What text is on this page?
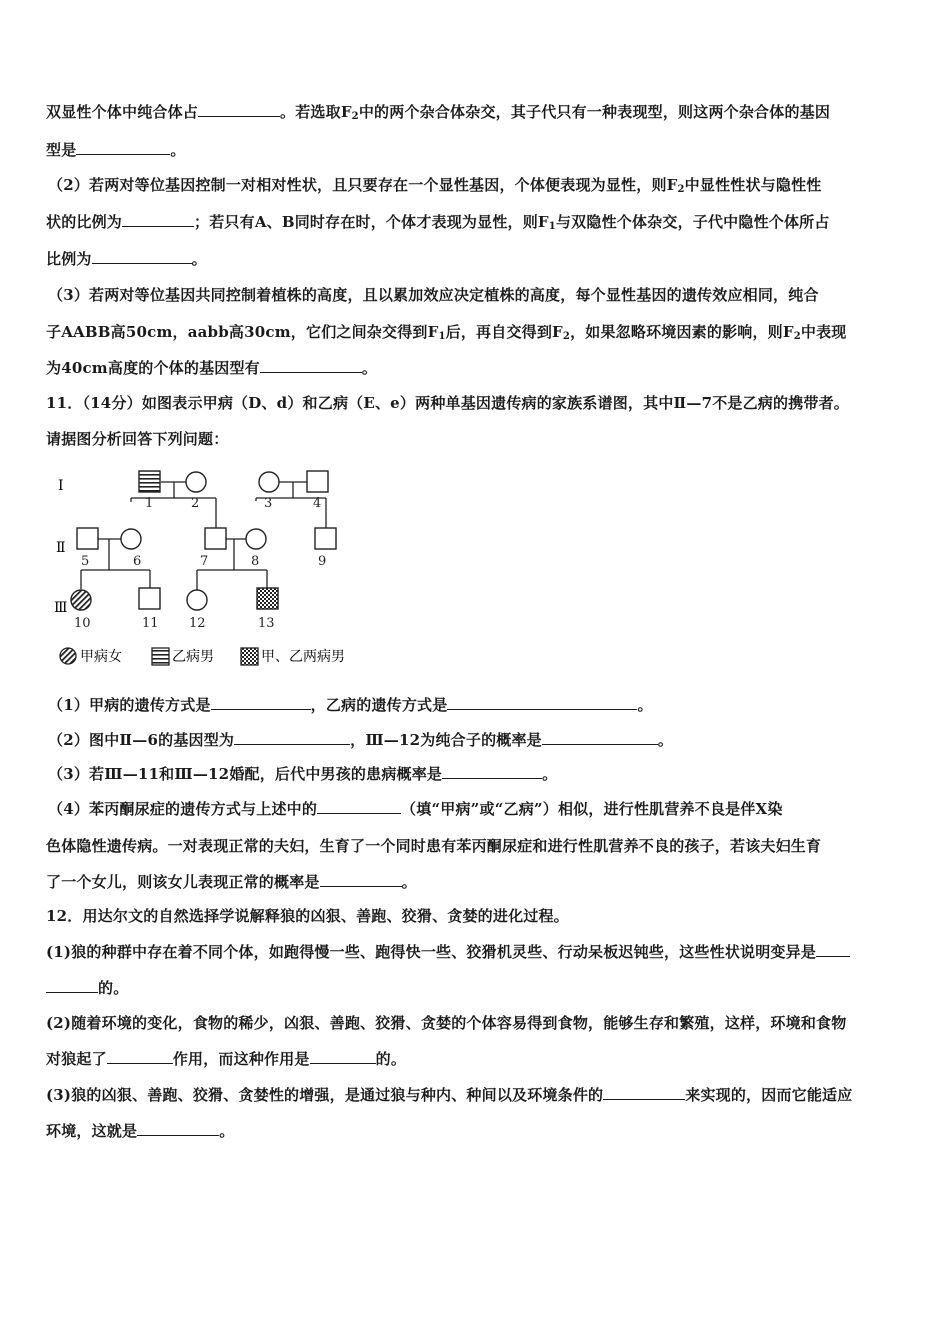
双显性个体中纯合体占	。若选取$F_2$中的两个杂合体杂交，其子代只有一种表现型，则这两个杂合体的基因
型是	。
（2）若两对等位基因控制一对相对性状，且只要存在一个显性基因，个体便表现为显性，则$F_2$中显性性状与隐性性
状的比例为	；若只有A、B同时存在时，个体才表现为显性，则$F_1$与双隐性个体杂交，子代中隐性个体所占
比例为	。
（3）若两对等位基因共同控制着植株的高度，且以累加效应决定植株的高度，每个显性基因的遗传效应相同，纯合
子AABB高50cm，aabb高30cm，它们之间杂交得到$F_1$后，再自交得到$F_2$，如果忽略环境因素的影响，则$F_2$中表现
为40cm高度的个体的基因型有	。
11．（14分）如图表示甲病（D、d）和乙病（E、e）两种单基因遗传病的家族系谱图，其中Ⅱ—7不是乙病的携带者。
请据图分析回答下列问题：
Ⅰ
Ⅱ
Ⅲ
1	2	3	4
5	6	7	8	9
10	11 12	13
甲病女	乙病男	甲、乙两病男
（1）甲病的遗传方式是	，乙病的遗传方式是	。
（2）图中Ⅱ—6的基因型为	，Ⅲ—12为纯合子的概率是	。
（3）若Ⅲ—11和Ⅲ—12婚配，后代中男孩的患病概率是	。
（4）苯丙酮尿症的遗传方式与上述中的	（填“甲病”或“乙病”）相似，进行性肌营养不良是伴X染
色体隐性遗传病。一对表现正常的夫妇，生育了一个同时患有苯丙酮尿症和进行性肌营养不良的孩子，若该夫妇生育
了一个女儿，则该女儿表现正常的概率是	。
12．用达尔文的自然选择学说解释狼的凶狠、善跑、狡猾、贪婪的进化过程。
(1)狼的种群中存在着不同个体，如跑得慢一些、跑得快一些、狡猾机灵些、行动呆板迟钝些，这些性状说明变异是
的。
(2)随着环境的变化，食物的稀少，凶狠、善跑、狡猾、贪婪的个体容易得到食物，能够生存和繁殖，这样，环境和食物
对狼起了	作用，而这种作用是	的。
(3)狼的凶狠、善跑、狡猾、贪婪性的增强，是通过狼与种内、种间以及环境条件的	来实现的，因而它能适应
环境，这就是	。
